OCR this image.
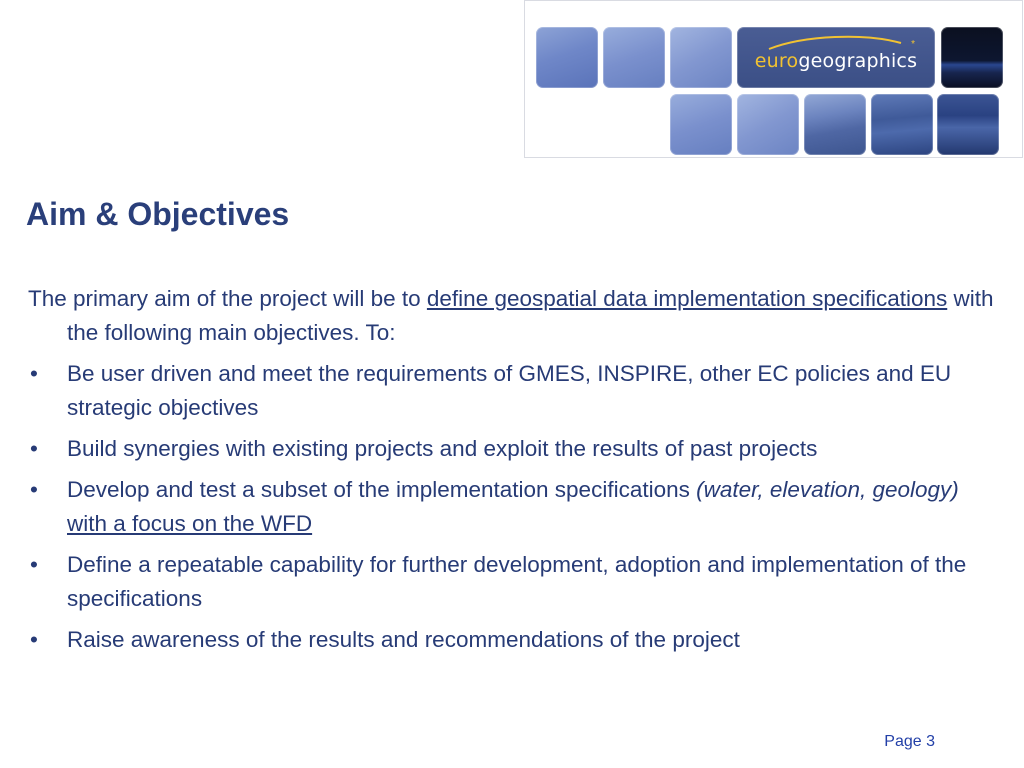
eurogeographics
*
Aim & Objectives

The primary aim of the project will be to define geospatial data implementation specifications with the following main objectives. To:

• Be user driven and meet the requirements of GMES, INSPIRE, other EC policies and EU strategic objectives
• Build synergies with existing projects and exploit the results of past projects
• Develop and test a subset of the implementation specifications (water, elevation, geology) with a focus on the WFD
• Define a repeatable capability for further development, adoption and implementation of the specifications
• Raise awareness of the results and recommendations of the project
Page 3
